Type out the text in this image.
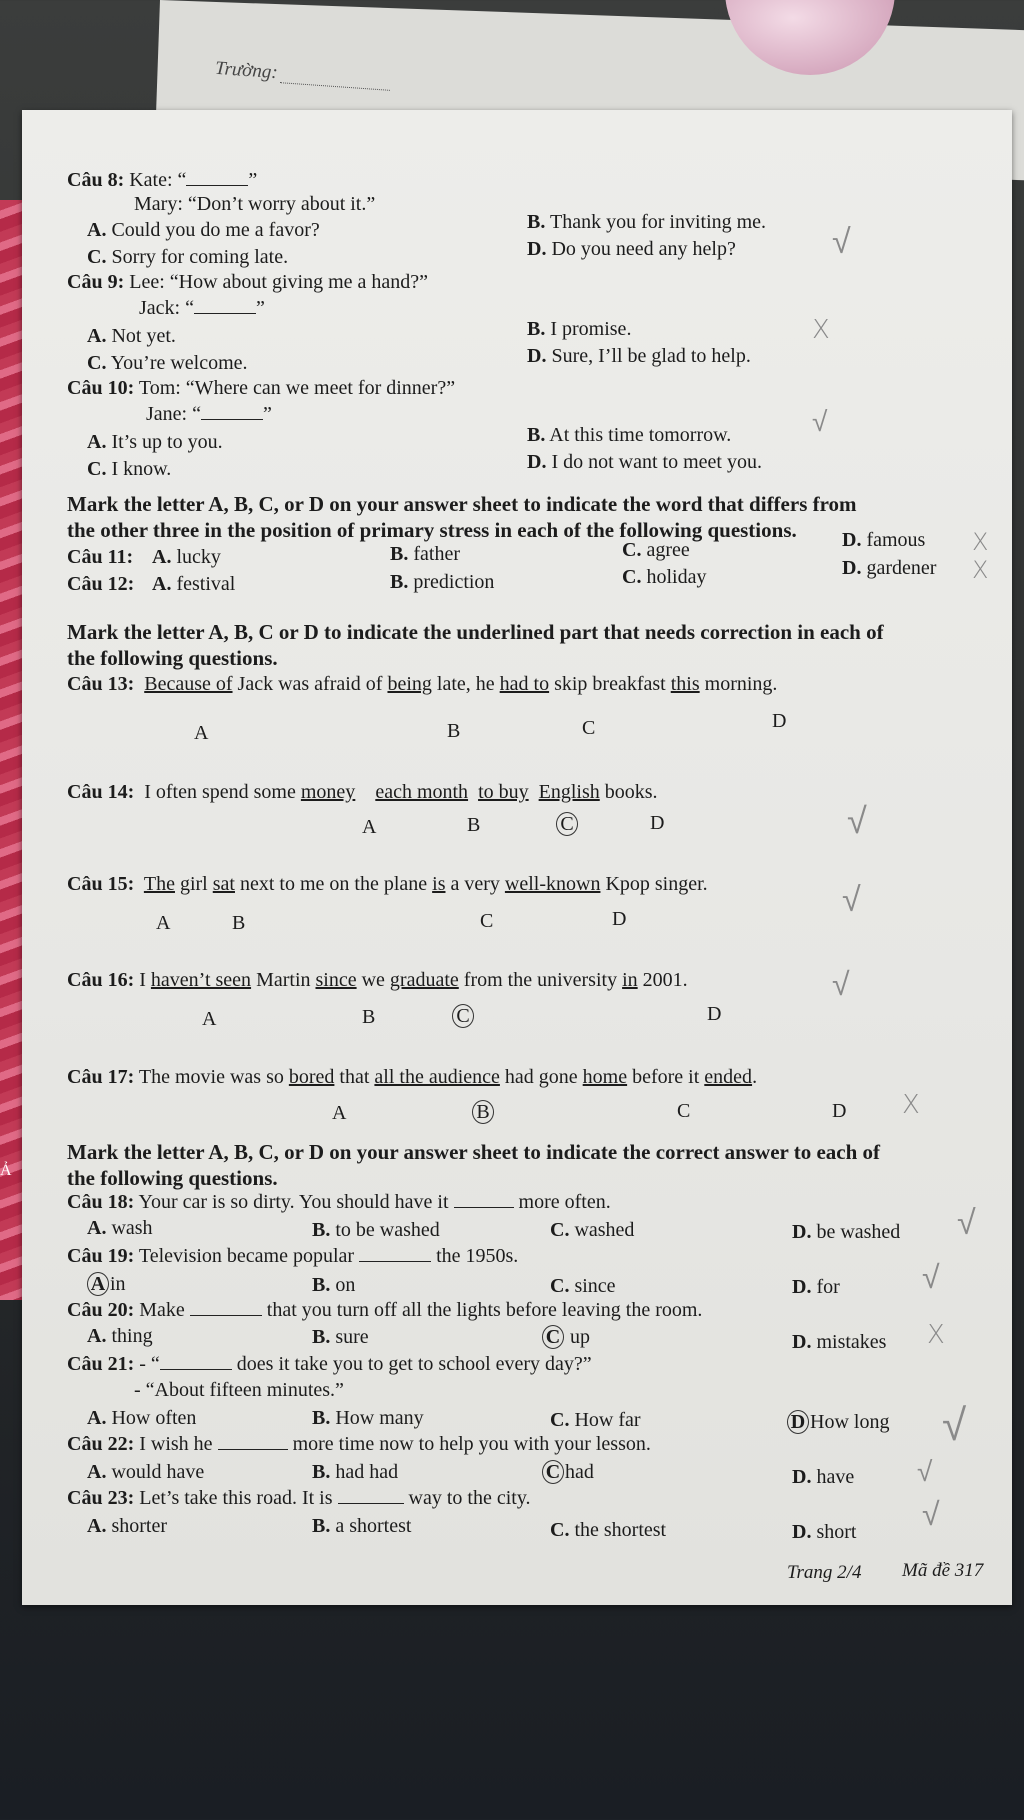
Trường:
Ả
Câu 8: Kate: “	”
Mary: “Don’t worry about it.”
A. Could you do me a favor?	B. Thank you for inviting me.
C. Sorry for coming late.	D. Do you need any help?	√
Câu 9: Lee: “How about giving me a hand?”
Jack: “	”
A. Not yet.	B. I promise.
C. You’re welcome.	D. Sure, I’ll be glad to help.
X
Câu 10: Tom: “Where can we meet for dinner?”
Jane: “	”
A. It’s up to you.	B. At this time tomorrow.
C. I know.	D. I do not want to meet you.
√
Mark the letter A, B, C, or D on your answer sheet to indicate the word that differs from
the other three in the position of primary stress in each of the following questions.
Câu 11: A. lucky	B. father	C. agree	D. famous X
Câu 12: A. festival	B. prediction	C. holiday	D. gardener X
Mark the letter A, B, C or D to indicate the underlined part that needs correction in each of
the following questions.
Câu 13: Because of Jack was afraid of being late, he had to skip breakfast this morning.
A	B	C	D
Câu 14: I often spend some money each month to buy English books.
A	B	C	D	√
Câu 15: The girl sat next to me on the plane is a very well-known Kpop singer.
A	B	C	D	√
Câu 16: I haven’t seen Martin since we graduate from the university in 2001.
A	B	C	D
√
Câu 17: The movie was so bored that all the audience had gone home before it ended.
A	B	C	D X
Mark the letter A, B, C, or D on your answer sheet to indicate the correct answer to each of
the following questions.
Câu 18: Your car is so dirty. You should have it	more often.
A. wash	B. to be washed	C. washed	D. be washed √
Câu 19: Television became popular	the 1950s.
A in	B. on	C. since	D. for	√
Câu 20: Make	that you turn off all the lights before leaving the room.
A. thing	B. sure	C up	D. mistakes X
Câu 21: - “	does it take you to get to school every day?”
- “About fifteen minutes.”
A. How often	B. How many	C. How far	D How long √
Câu 22: I wish he	more time now to help you with your lesson.
A. would have	B. had had	C had	D. have √
Câu 23: Let’s take this road. It is	way to the city.
A. shorter	B. a shortest	C. the shortest	D. short √
Trang 2/4 Mã đề 317
